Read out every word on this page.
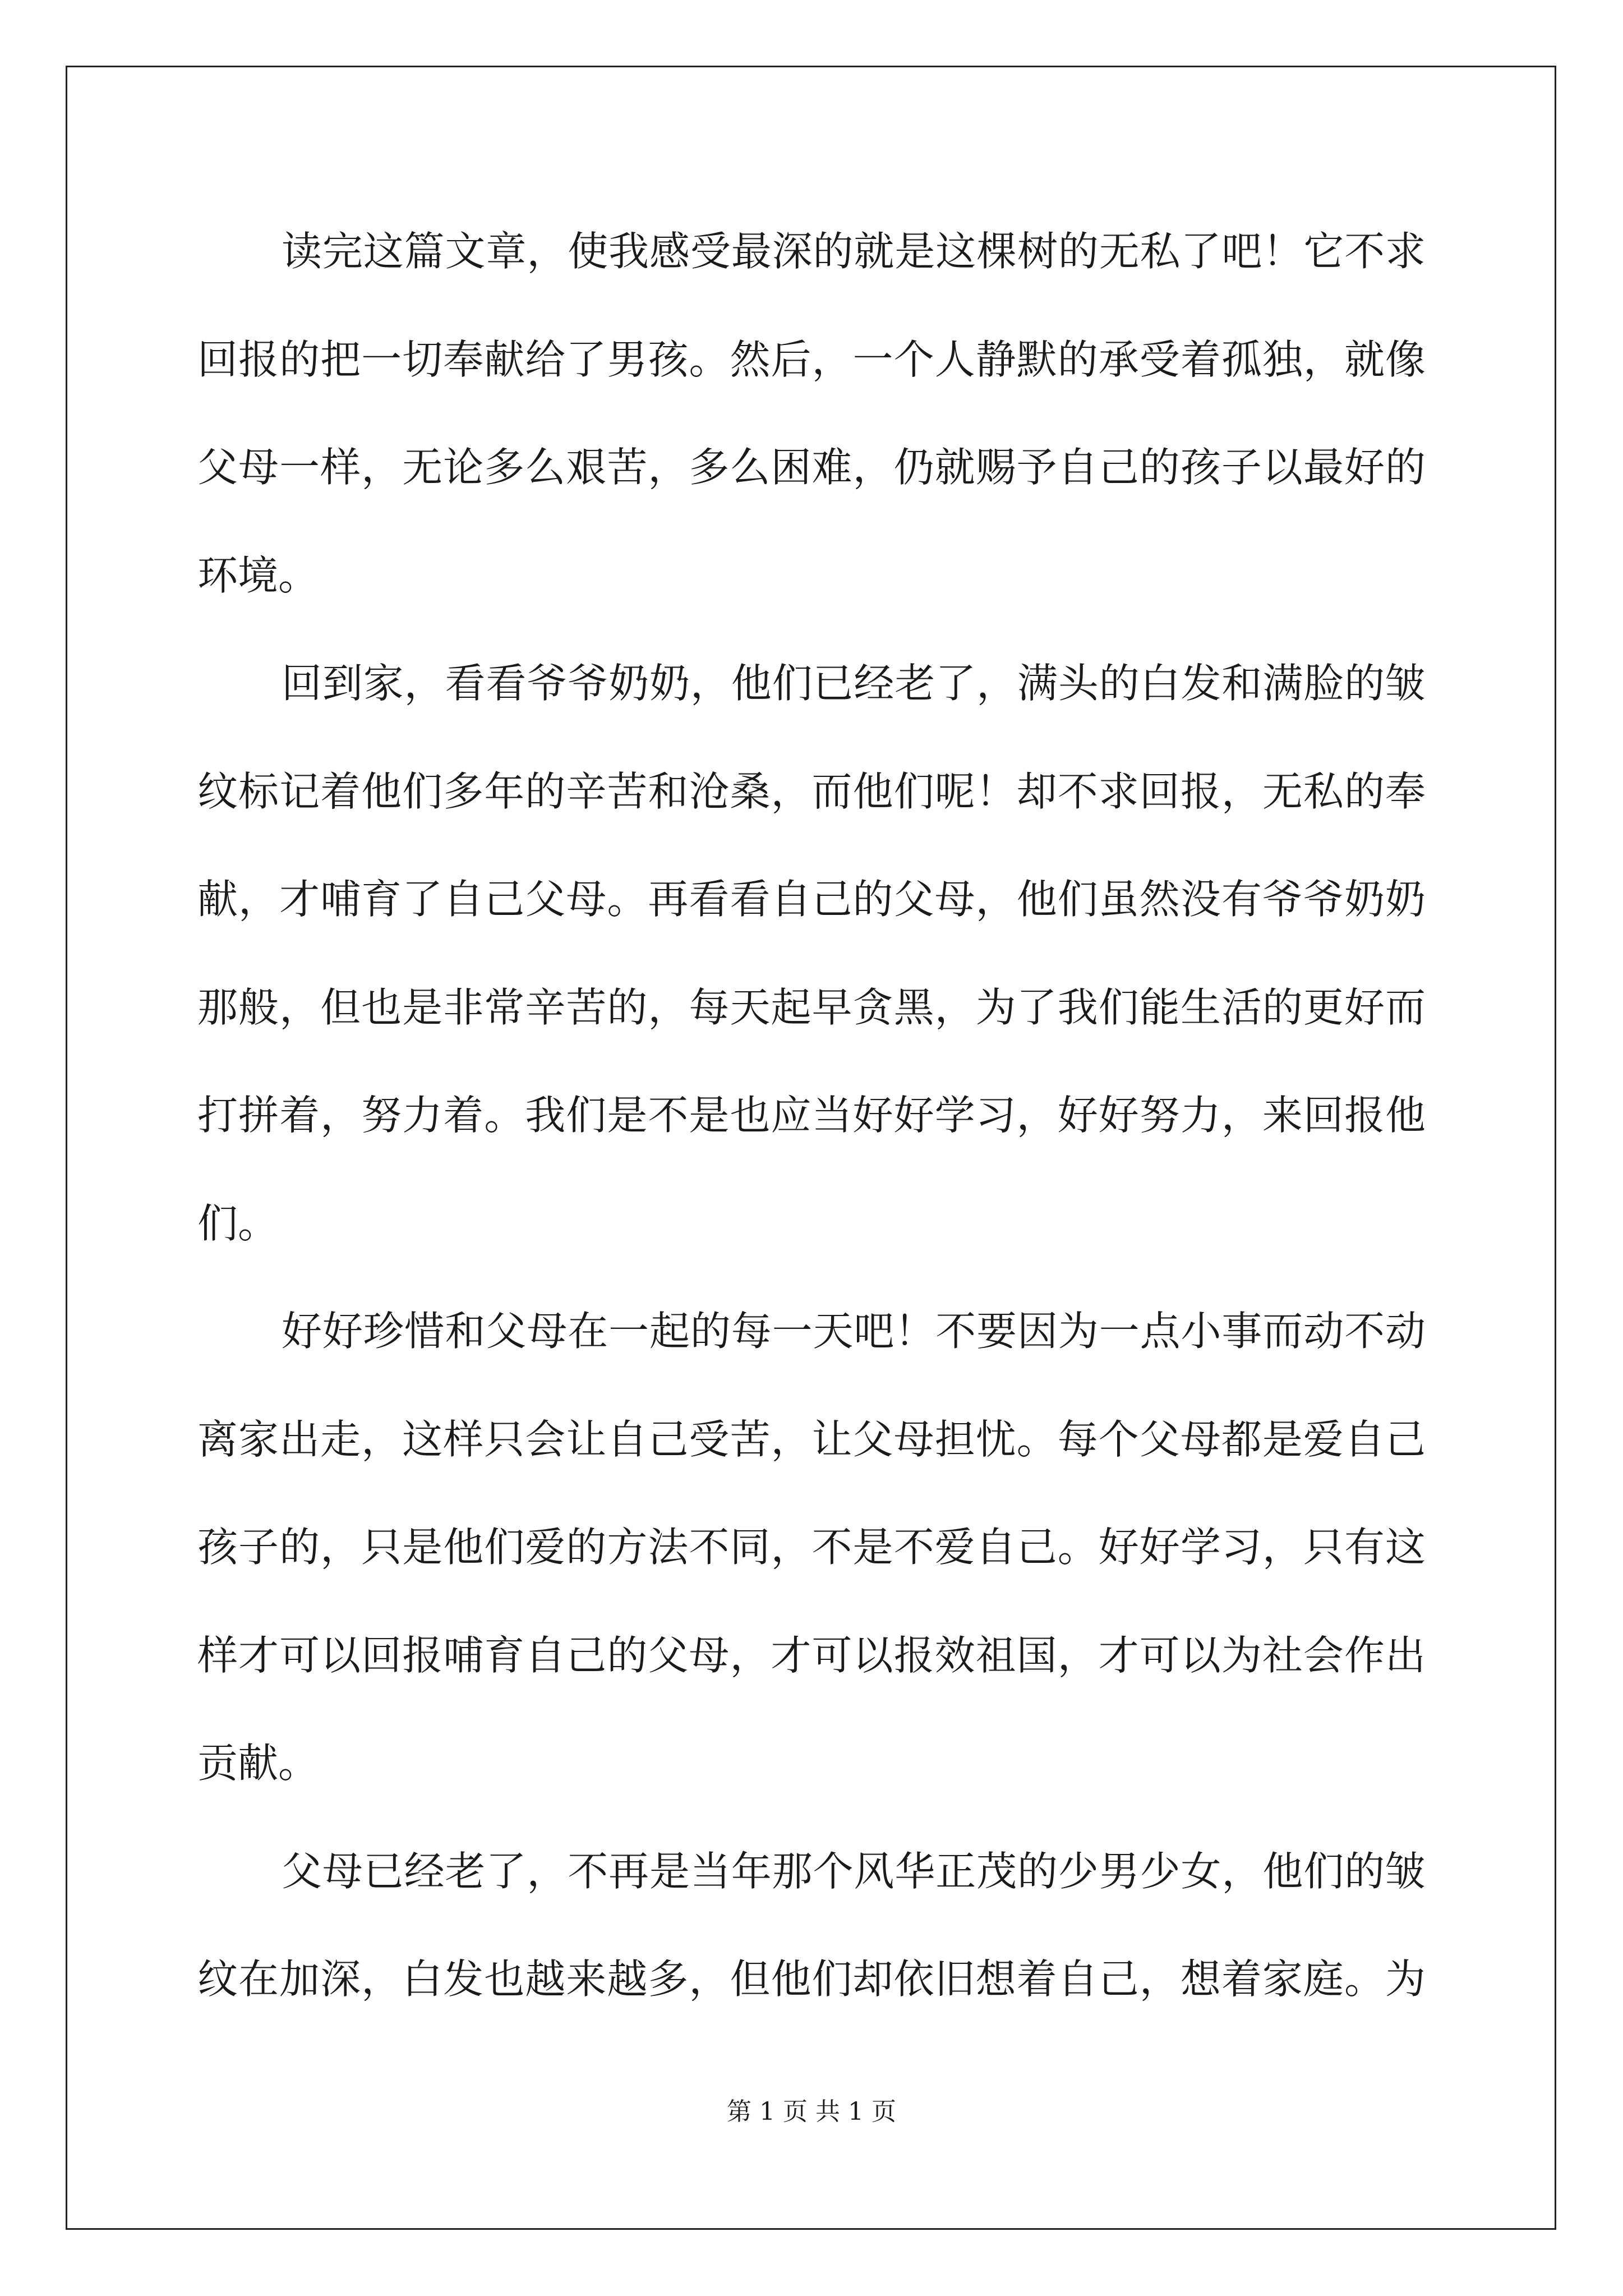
读完这篇文章，使我感受最深的就是这棵树的无私了吧！它不求
回报的把一切奉献给了男孩。然后，一个人静默的承受着孤独，就像
父母一样，无论多么艰苦，多么困难，仍就赐予自己的孩子以最好的
环境。
回到家，看看爷爷奶奶，他们已经老了，满头的白发和满脸的皱
纹标记着他们多年的辛苦和沧桑，而他们呢！却不求回报，无私的奉
献，才哺育了自己父母。再看看自己的父母，他们虽然没有爷爷奶奶
那般，但也是非常辛苦的，每天起早贪黑，为了我们能生活的更好而
打拼着，努力着。我们是不是也应当好好学习，好好努力，来回报他
们。
好好珍惜和父母在一起的每一天吧！不要因为一点小事而动不动
离家出走，这样只会让自己受苦，让父母担忧。每个父母都是爱自己
孩子的，只是他们爱的方法不同，不是不爱自己。好好学习，只有这
样才可以回报哺育自己的父母，才可以报效祖国，才可以为社会作出
贡献。
父母已经老了，不再是当年那个风华正茂的少男少女，他们的皱
纹在加深，白发也越来越多，但他们却依旧想着自己，想着家庭。为
第 1 页 共 1 页
